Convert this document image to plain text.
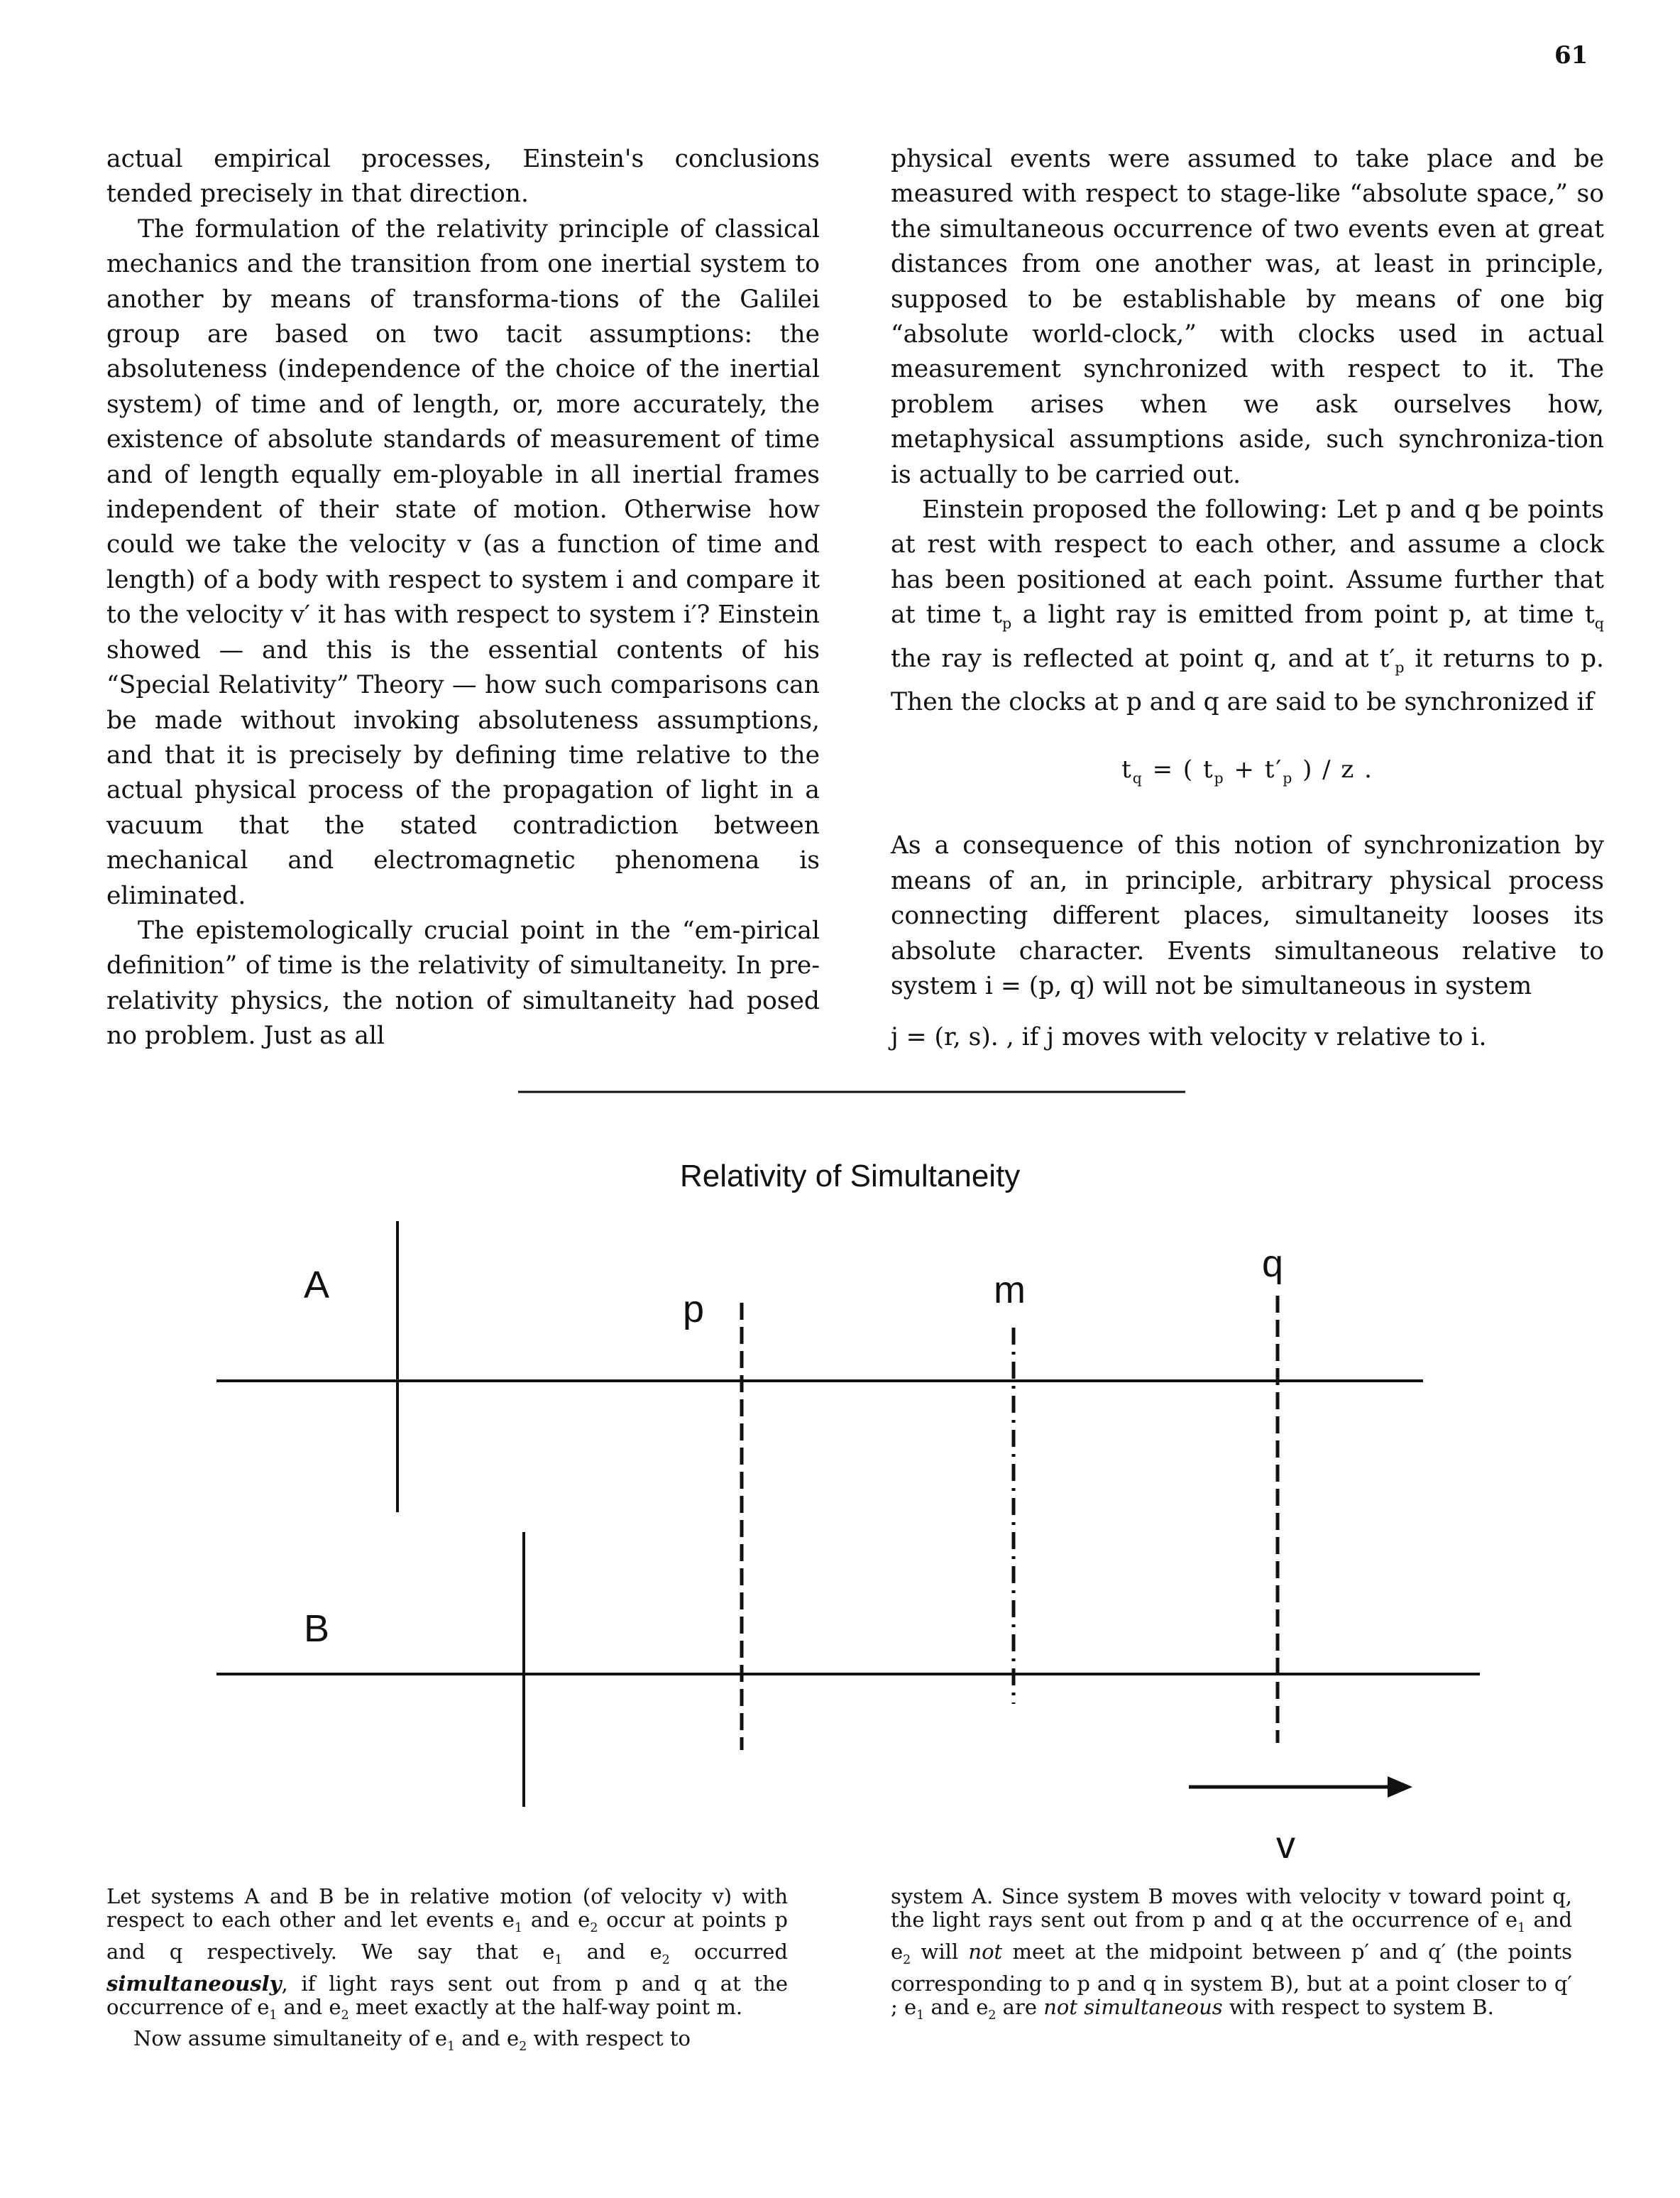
61

actual empirical processes, Einstein's conclusions tended precisely in that direction.

The formulation of the relativity principle of classical mechanics and the transition from one inertial system to another by means of transforma-tions of the Galilei group are based on two tacit assumptions: the absoluteness (independence of the choice of the inertial system) of time and of length, or, more accurately, the existence of absolute standards of measurement of time and of length equally em-ployable in all inertial frames independent of their state of motion. Otherwise how could we take the velocity v (as a function of time and length) of a body with respect to system i and compare it to the velocity v′ it has with respect to system i′? Einstein showed — and this is the essential contents of his “Special Relativity” Theory — how such comparisons can be made without invoking absoluteness assumptions, and that it is precisely by defining time relative to the actual physical process of the propagation of light in a vacuum that the stated contradiction between mechanical and electromagnetic phenomena is eliminated.

The epistemologically crucial point in the “em-pirical definition” of time is the relativity of simultaneity. In pre-relativity physics, the notion of simultaneity had posed no problem. Just as all

physical events were assumed to take place and be measured with respect to stage-like “absolute space,” so the simultaneous occurrence of two events even at great distances from one another was, at least in principle, supposed to be establishable by means of one big “absolute world-clock,” with clocks used in actual measurement synchronized with respect to it. The problem arises when we ask ourselves how, metaphysical assumptions aside, such synchroniza-tion is actually to be carried out.

Einstein proposed the following: Let p and q be points at rest with respect to each other, and assume a clock has been positioned at each point. Assume further that at time $t_p$ a light ray is emitted from point p, at time $t_q$ the ray is reflected at point q, and at $t'_p$ it returns to p. Then the clocks at p and q are said to be synchronized if

$t_q$ = ( $t_p + t'_p$ ) / z .

As a consequence of this notion of synchronization by means of an, in principle, arbitrary physical process connecting different places, simultaneity looses its absolute character. Events simultaneous relative to system i = (p, q) will not be simultaneous in system

j = (r, s). , if j moves with velocity v relative to i.

A
B
p	m
q
v
Relativity of Simultaneity

Let systems A and B be in relative motion (of velocity v) with respect to each other and let events $e_1$ and $e_2$ occur at points p and q respectively. We say that $e_1$ and $e_2$ occurred simultaneously, if light rays sent out from p and q at the occurrence of $e_1$ and $e_2$ meet exactly at the half-way point m.

Now assume simultaneity of $e_1$ and $e_2$ with respect to

system A. Since system B moves with velocity v toward point q, the light rays sent out from p and q at the occurrence of $e_1$ and $e_2$ will not meet at the midpoint between p′ and q′ (the points corresponding to p and q in system B), but at a point closer to q′ ; $e_1$ and $e_2$ are not simultaneous with respect to system B.
